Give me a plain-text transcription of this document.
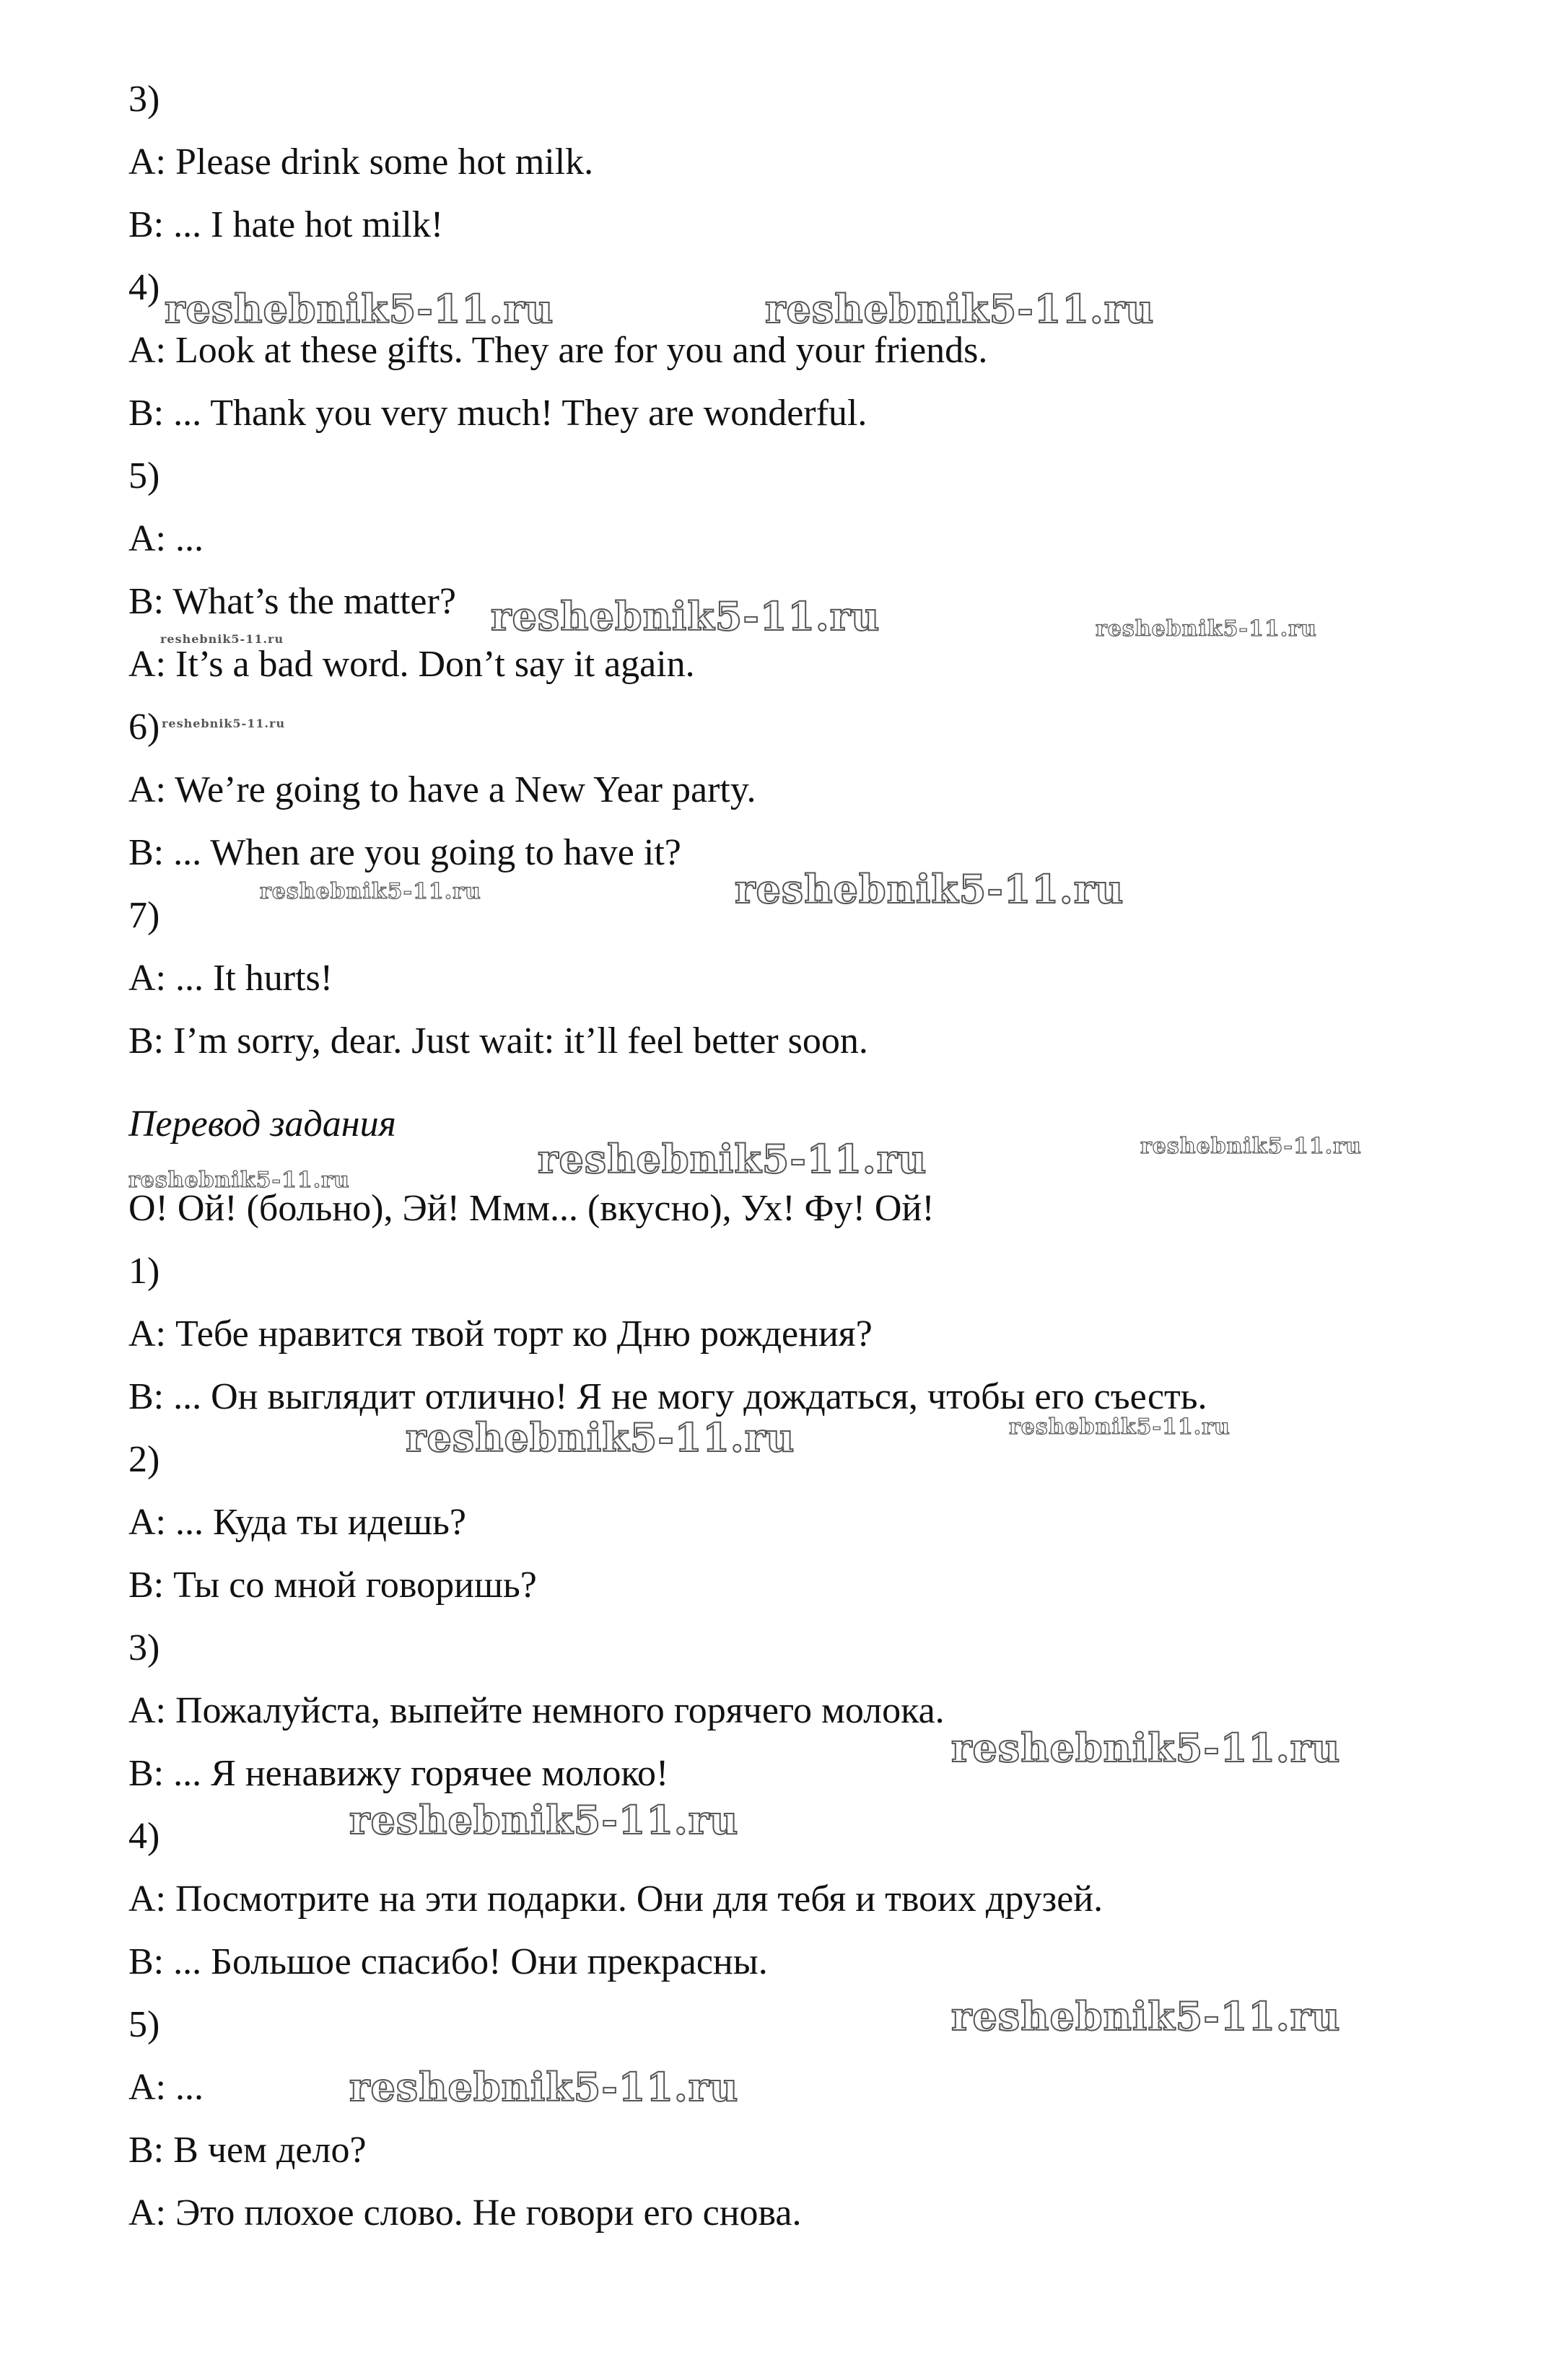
3)
A: Please drink some hot milk.
B: ... I hate hot milk!
4)
A: Look at these gifts. They are for you and your friends.
B: ... Thank you very much! They are wonderful.
5)
A: ...
B: What’s the matter?
A: It’s a bad word. Don’t say it again.
6)
A: We’re going to have a New Year party.
B: ... When are you going to have it?
7)
A: ... It hurts!
B: I’m sorry, dear. Just wait: it’ll feel better soon.
Перевод задания
О! Ой! (больно), Эй! Ммм... (вкусно), Ух! Фу! Ой!
1)
А: Тебе нравится твой торт ко Дню рождения?
В: ... Он выглядит отлично! Я не могу дождаться, чтобы его съесть.
2)
А: ... Куда ты идешь?
В: Ты со мной говоришь?
3)
А: Пожалуйста, выпейте немного горячего молока.
В: ... Я ненавижу горячее молоко!
4)
А: Посмотрите на эти подарки. Они для тебя и твоих друзей.
В: ... Большое спасибо! Они прекрасны.
5)
А: ...
В: В чем дело?
А: Это плохое слово. Не говори его снова.
reshebnik5-11.ru	reshebnik5-11.ru
reshebnik5-11.ru	reshebnik5-11.ru
reshebnik5-11.ru
reshebnik5-11.ru
reshebnik5-11.ru	reshebnik5-11.ru
reshebnik5-11.ru	reshebnik5-11.ru
reshebnik5-11.ru
reshebnik5-11.ru	reshebnik5-11.ru
reshebnik5-11.ru
reshebnik5-11.ru
reshebnik5-11.ru
reshebnik5-11.ru
